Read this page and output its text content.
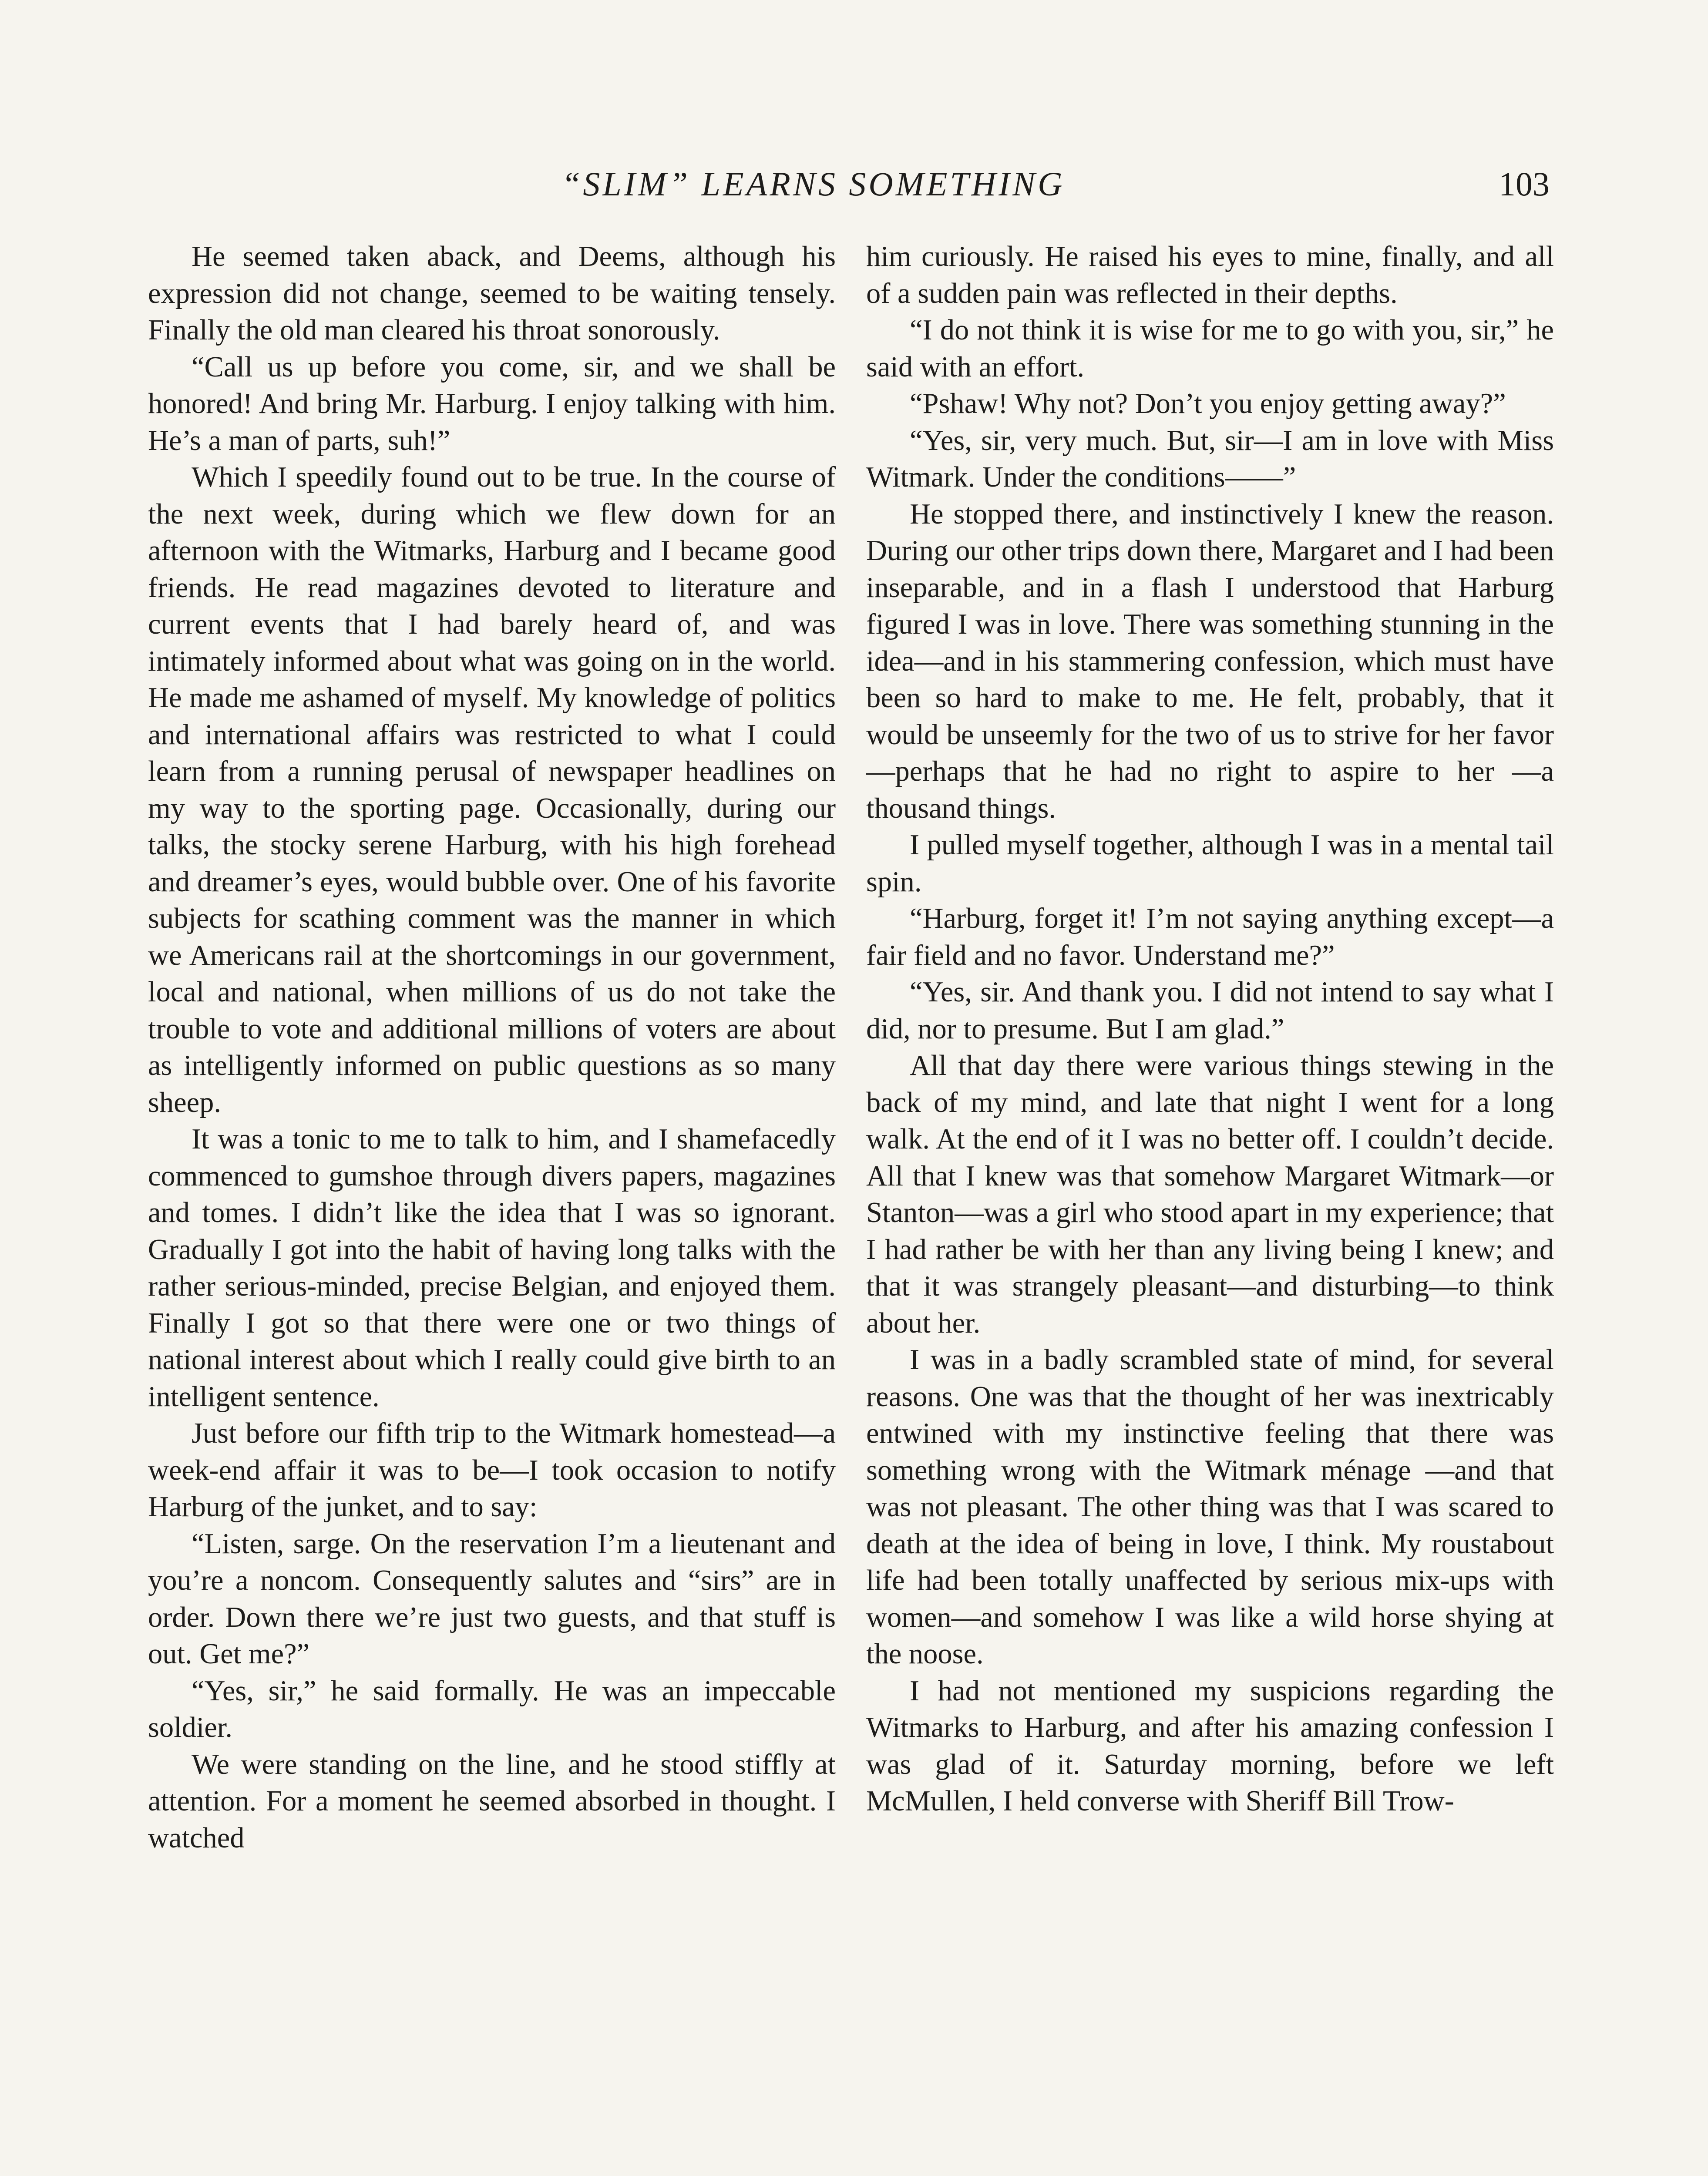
“SLIM” LEARNS SOMETHING	103

He seemed taken aback, and Deems, although his expression did not change, seemed to be waiting tensely. Finally the old man cleared his throat sonorously.

“Call us up before you come, sir, and we shall be honored! And bring Mr. Harburg. I enjoy talking with him. He’s a man of parts, suh!”

Which I speedily found out to be true. In the course of the next week, during which we flew down for an afternoon with the Witmarks, Harburg and I became good friends. He read magazines devoted to literature and current events that I had barely heard of, and was intimately informed about what was going on in the world. He made me ashamed of myself. My knowledge of politics and international affairs was restricted to what I could learn from a running perusal of newspaper headlines on my way to the sporting page. Occasionally, during our talks, the stocky serene Harburg, with his high forehead and dreamer’s eyes, would bubble over. One of his favorite subjects for scathing comment was the manner in which we Americans rail at the shortcomings in our government, local and national, when millions of us do not take the trouble to vote and additional millions of voters are about as intelligently informed on public questions as so many sheep.

It was a tonic to me to talk to him, and I shamefacedly commenced to gumshoe through divers papers, magazines and tomes. I didn’t like the idea that I was so ignorant. Gradually I got into the habit of having long talks with the rather serious-minded, precise Belgian, and enjoyed them. Finally I got so that there were one or two things of national interest about which I really could give birth to an intelligent sentence.

Just before our fifth trip to the Witmark homestead—a week-end affair it was to be—I took occasion to notify Harburg of the junket, and to say:

“Listen, sarge. On the reservation I’m a lieutenant and you’re a noncom. Consequently salutes and “sirs” are in order. Down there we’re just two guests, and that stuff is out. Get me?”

“Yes, sir,” he said formally. He was an impeccable soldier.

We were standing on the line, and he stood stiffly at attention. For a moment he seemed absorbed in thought. I watched

him curiously. He raised his eyes to mine, finally, and all of a sudden pain was reflected in their depths.

“I do not think it is wise for me to go with you, sir,” he said with an effort.

“Pshaw! Why not? Don’t you enjoy getting away?”

“Yes, sir, very much. But, sir—I am in love with Miss Witmark. Under the conditions——”

He stopped there, and instinctively I knew the reason. During our other trips down there, Margaret and I had been inseparable, and in a flash I understood that Harburg figured I was in love. There was something stunning in the idea—and in his stammering confession, which must have been so hard to make to me. He felt, probably, that it would be unseemly for the two of us to strive for her favor—perhaps that he had no right to aspire to her —a thousand things.

I pulled myself together, although I was in a mental tail spin.

“Harburg, forget it! I’m not saying anything except—a fair field and no favor. Understand me?”

“Yes, sir. And thank you. I did not intend to say what I did, nor to presume. But I am glad.”

All that day there were various things stewing in the back of my mind, and late that night I went for a long walk. At the end of it I was no better off. I couldn’t decide. All that I knew was that somehow Margaret Witmark—or Stanton—was a girl who stood apart in my experience; that I had rather be with her than any living being I knew; and that it was strangely pleasant—and disturbing—to think about her.

I was in a badly scrambled state of mind, for several reasons. One was that the thought of her was inextricably entwined with my instinctive feeling that there was something wrong with the Witmark ménage —and that was not pleasant. The other thing was that I was scared to death at the idea of being in love, I think. My roustabout life had been totally unaffected by serious mix-ups with women—and somehow I was like a wild horse shying at the noose.

I had not mentioned my suspicions regarding the Witmarks to Harburg, and after his amazing confession I was glad of it. Saturday morning, before we left McMullen, I held converse with Sheriff Bill Trow-
